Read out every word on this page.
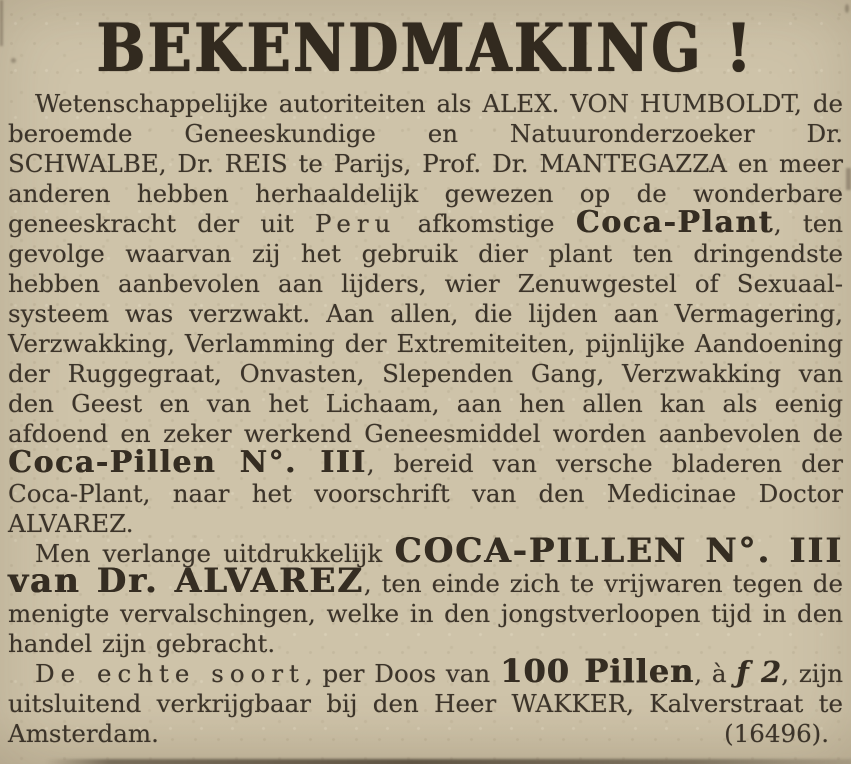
BEKENDMAKING !

Wetenschappelijke autoriteiten als ALEX. VON HUMBOLDT, de beroemde Geneeskundige en Natuuronderzoeker Dr. SCHWALBE, Dr. REIS te Parijs, Prof. Dr. MANTEGAZZA en meer anderen hebben herhaaldelijk gewezen op de wonderbare geneeskracht der uit Peru afkomstige Coca-Plant, ten gevolge waarvan zij het gebruik dier plant ten dringendste hebben aanbevolen aan lijders, wier Zenuwgestel of Sexuaal-systeem was verzwakt. Aan allen, die lijden aan Vermagering, Verzwakking, Verlamming der Extremiteiten, pijnlijke Aandoening der Ruggegraat, Onvasten, Slependen Gang, Verzwakking van den Geest en van het Lichaam, aan hen allen kan als eenig afdoend en zeker werkend Geneesmiddel worden aanbevolen de Coca-Pillen N°. III, bereid van versche bladeren der Coca-Plant, naar het voorschrift van den Medicinae Doctor ALVAREZ.

Men verlange uitdrukkelijk COCA-PILLEN N°. III van Dr. ALVAREZ, ten einde zich te vrijwaren tegen de menigte vervalschingen, welke in den jongstverloopen tijd in den handel zijn gebracht.

De echte soort, per Doos van 100 Pillen, à ƒ 2, zijn uitsluitend verkrijgbaar bij den Heer WAKKER, Kalverstraat te Amsterdam.	(16496).
